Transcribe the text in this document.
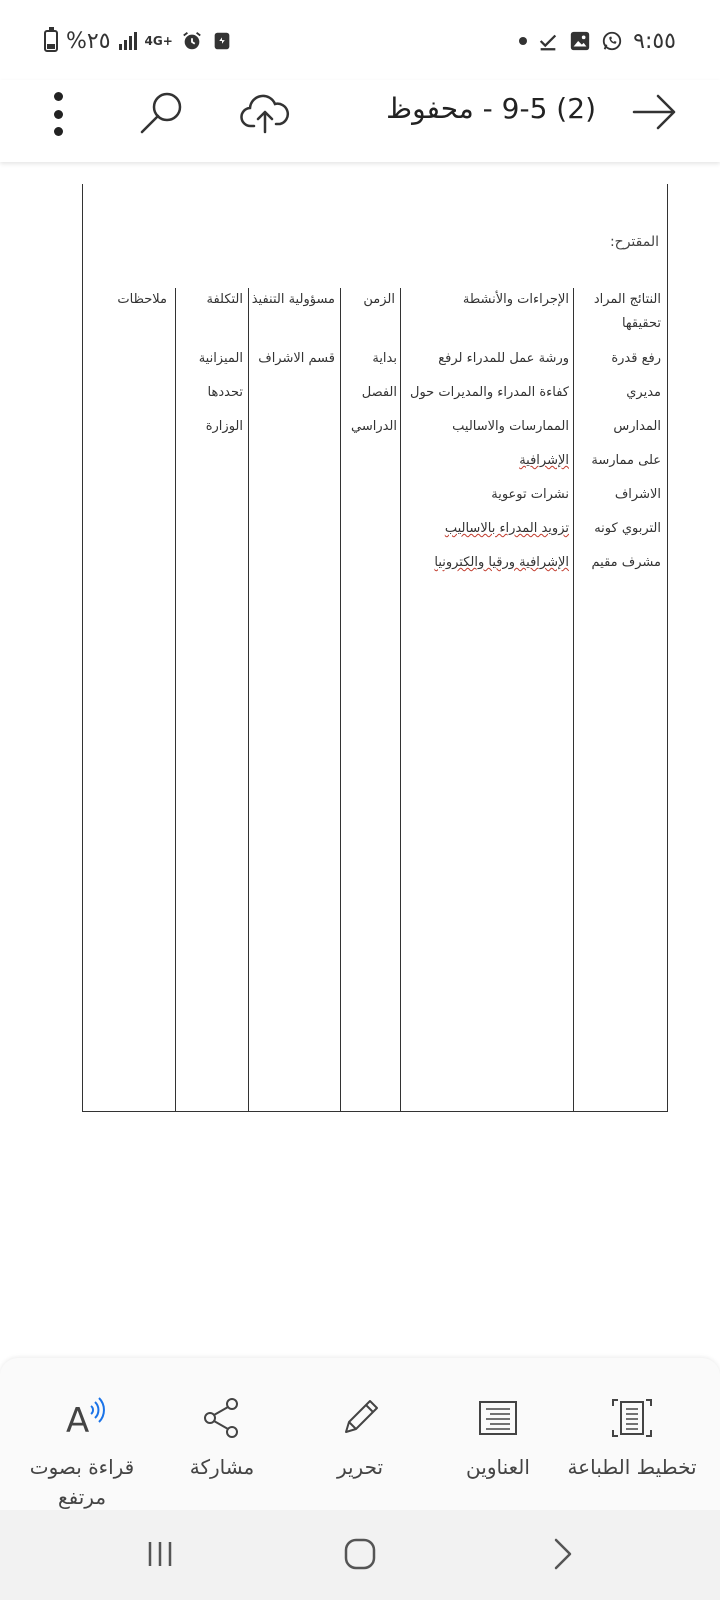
%٢٥	4G+	٩:٥٥
(2) 9-5 - محفوظ
المقترح:

النتائج المراد

تحقيقها

الإجراءات والأنشطة

الزمن

مسؤولية التنفيذ

التكلفة

ملاحظات

رفع قدرة

مديري

المدارس

على ممارسة

الاشراف

التربوي كونه

مشرف مقيم

ورشة عمل للمدراء لرفع

كفاءة المدراء والمديرات حول

الممارسات والاساليب

الإشرافية

نشرات توعوية

تزويد المدراء بالاساليب

الإشرافية ورقيا والكترونيا

بداية

الفصل

الدراسي

قسم الاشراف

الميزانية

تحددها

الوزارة

تخطيط الطباعة
العناوين
تحرير
مشاركة
A
قراءة بصوت مرتفع
